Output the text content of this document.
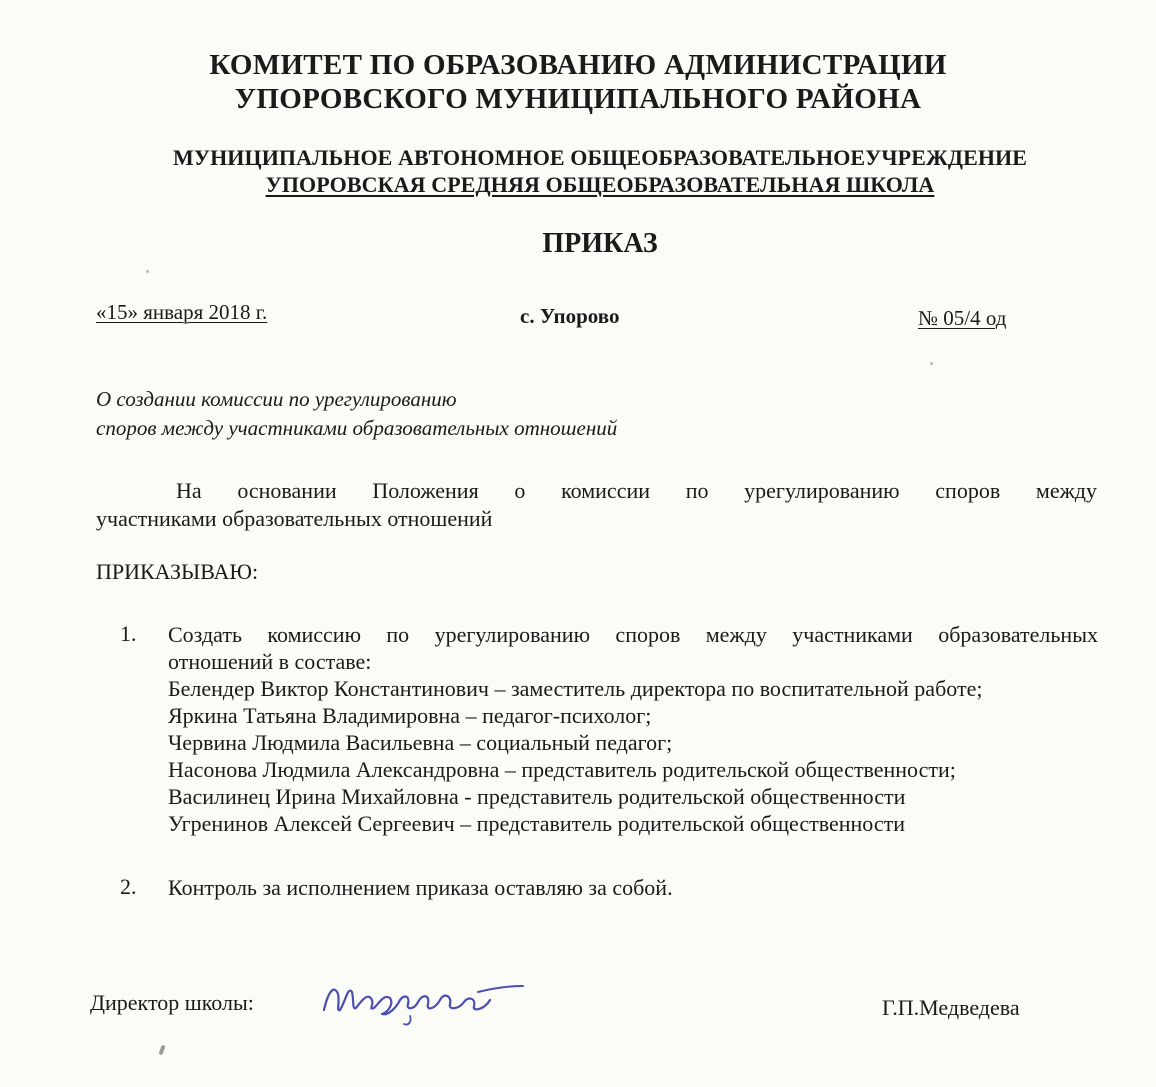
КОМИТЕТ ПО ОБРАЗОВАНИЮ АДМИНИСТРАЦИИ
УПОРОВСКОГО МУНИЦИПАЛЬНОГО РАЙОНА
МУНИЦИПАЛЬНОЕ АВТОНОМНОЕ ОБЩЕОБРАЗОВАТЕЛЬНОЕУЧРЕЖДЕНИЕ
УПОРОВСКАЯ СРЕДНЯЯ ОБЩЕОБРАЗОВАТЕЛЬНАЯ ШКОЛА
ПРИКАЗ
«15» января 2018 г.	с. Упорово	№ 05/4 од
О создании комиссии по урегулированию
споров между участниками образовательных отношений
На основании Положения о комиссии по урегулированию споров между
участниками образовательных отношений
ПРИКАЗЫВАЮ:
1. Создать комиссию по урегулированию споров между участниками образовательных
отношений в составе:
Белендер Виктор Константинович – заместитель директора по воспитательной работе;
Яркина Татьяна Владимировна – педагог-психолог;
Червина Людмила Васильевна – социальный педагог;
Насонова Людмила Александровна – представитель родительской общественности;
Василинец Ирина Михайловна - представитель родительской общественности
Угренинов Алексей Сергеевич – представитель родительской общественности
2. Контроль за исполнением приказа оставляю за собой.
Директор школы:	Г.П.Медведева
